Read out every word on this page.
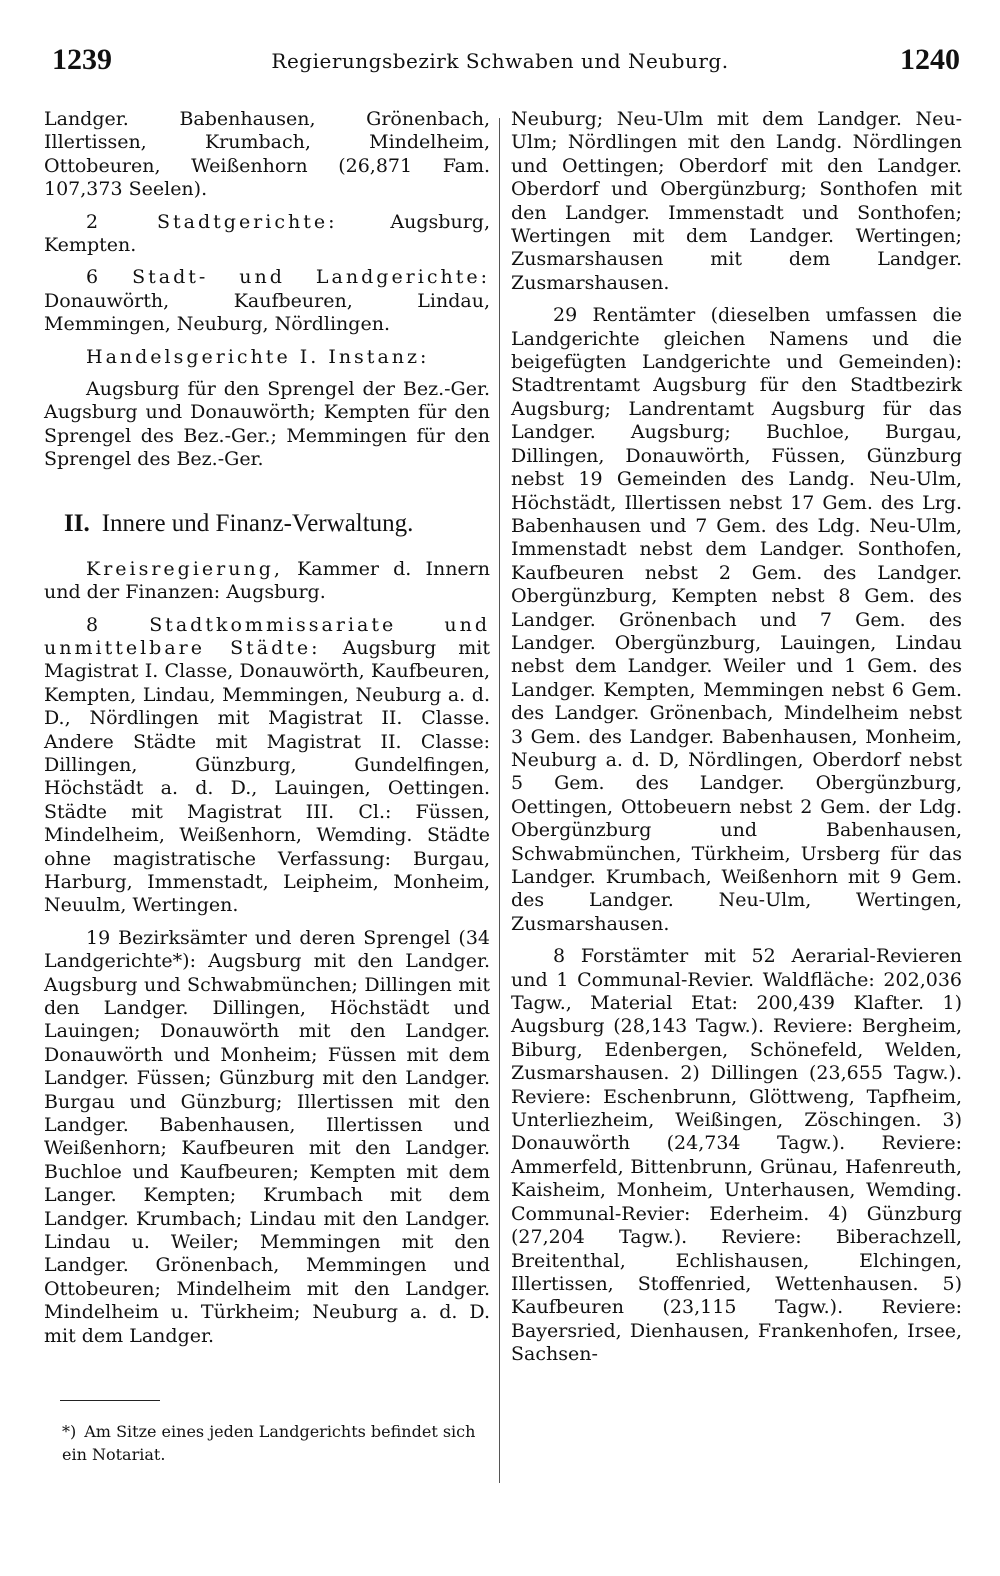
1239	Regierungsbezirk Schwaben und Neuburg.	1240

Landger. Babenhausen, Grönenbach, Illertissen, Krumbach, Mindelheim, Ottobeuren, Weißenhorn (26,871 Fam. 107,373 Seelen).

2 Stadtgerichte: Augsburg, Kempten.

6 Stadt- und Landgerichte: Donauwörth, Kaufbeuren, Lindau, Memmingen, Neuburg, Nördlingen.

Handelsgerichte I. Instanz:

Augsburg für den Sprengel der Bez.-Ger. Augsburg und Donauwörth; Kempten für den Sprengel des Bez.-Ger.; Memmingen für den Sprengel des Bez.-Ger.

II. Innere und Finanz-Verwaltung.

Kreisregierung, Kammer d. Innern und der Finanzen: Augsburg.

8 Stadtkommissariate und unmittelbare Städte: Augsburg mit Magistrat I. Classe, Donauwörth, Kaufbeuren, Kempten, Lindau, Memmingen, Neuburg a. d. D., Nördlingen mit Magistrat II. Classe. Andere Städte mit Magistrat II. Classe: Dillingen, Günzburg, Gundelfingen, Höchstädt a. d. D., Lauingen, Oettingen. Städte mit Magistrat III. Cl.: Füssen, Mindelheim, Weißenhorn, Wemding. Städte ohne magistratische Verfassung: Burgau, Harburg, Immenstadt, Leipheim, Monheim, Neuulm, Wertingen.

19 Bezirksämter und deren Sprengel (34 Landgerichte*): Augsburg mit den Landger. Augsburg und Schwabmünchen; Dillingen mit den Landger. Dillingen, Höchstädt und Lauingen; Donauwörth mit den Landger. Donauwörth und Monheim; Füssen mit dem Landger. Füssen; Günzburg mit den Landger. Burgau und Günzburg; Illertissen mit den Landger. Babenhausen, Illertissen und Weißenhorn; Kaufbeuren mit den Landger. Buchloe und Kaufbeuren; Kempten mit dem Langer. Kempten; Krumbach mit dem Landger. Krumbach; Lindau mit den Landger. Lindau u. Weiler; Memmingen mit den Landger. Grönenbach, Memmingen und Ottobeuren; Mindelheim mit den Landger. Mindelheim u. Türkheim; Neuburg a. d. D. mit dem Landger.

Neuburg; Neu-Ulm mit dem Landger. Neu-Ulm; Nördlingen mit den Landg. Nördlingen und Oettingen; Oberdorf mit den Landger. Oberdorf und Obergünzburg; Sonthofen mit den Landger. Immenstadt und Sonthofen; Wertingen mit dem Landger. Wertingen; Zusmarshausen mit dem Landger. Zusmarshausen.

29 Rentämter (dieselben umfassen die Landgerichte gleichen Namens und die beigefügten Landgerichte und Gemeinden): Stadtrentamt Augsburg für den Stadtbezirk Augsburg; Landrentamt Augsburg für das Landger. Augsburg; Buchloe, Burgau, Dillingen, Donauwörth, Füssen, Günzburg nebst 19 Gemeinden des Landg. Neu-Ulm, Höchstädt, Illertissen nebst 17 Gem. des Lrg. Babenhausen und 7 Gem. des Ldg. Neu-Ulm, Immenstadt nebst dem Landger. Sonthofen, Kaufbeuren nebst 2 Gem. des Landger. Obergünzburg, Kempten nebst 8 Gem. des Landger. Grönenbach und 7 Gem. des Landger. Obergünzburg, Lauingen, Lindau nebst dem Landger. Weiler und 1 Gem. des Landger. Kempten, Memmingen nebst 6 Gem. des Landger. Grönenbach, Mindelheim nebst 3 Gem. des Landger. Babenhausen, Monheim, Neuburg a. d. D, Nördlingen, Oberdorf nebst 5 Gem. des Landger. Obergünzburg, Oettingen, Ottobeuern nebst 2 Gem. der Ldg. Obergünzburg und Babenhausen, Schwabmünchen, Türkheim, Ursberg für das Landger. Krumbach, Weißenhorn mit 9 Gem. des Landger. Neu-Ulm, Wertingen, Zusmarshausen.

8 Forstämter mit 52 Aerarial-Revieren und 1 Communal-Revier. Waldfläche: 202,036 Tagw., Material Etat: 200,439 Klafter. 1) Augsburg (28,143 Tagw.). Reviere: Bergheim, Biburg, Edenbergen, Schönefeld, Welden, Zusmarshausen. 2) Dillingen (23,655 Tagw.). Reviere: Eschenbrunn, Glöttweng, Tapfheim, Unterliezheim, Weißingen, Zöschingen. 3) Donauwörth (24,734 Tagw.). Reviere: Ammerfeld, Bittenbrunn, Grünau, Hafenreuth, Kaisheim, Monheim, Unterhausen, Wemding. Communal-Revier: Ederheim. 4) Günzburg (27,204 Tagw.). Reviere: Biberachzell, Breitenthal, Echlishausen, Elchingen, Illertissen, Stoffenried, Wettenhausen. 5) Kaufbeuren (23,115 Tagw.). Reviere: Bayersried, Dienhausen, Frankenhofen, Irsee, Sachsen-

*) Am Sitze eines jeden Landgerichts befindet sich ein Notariat.
